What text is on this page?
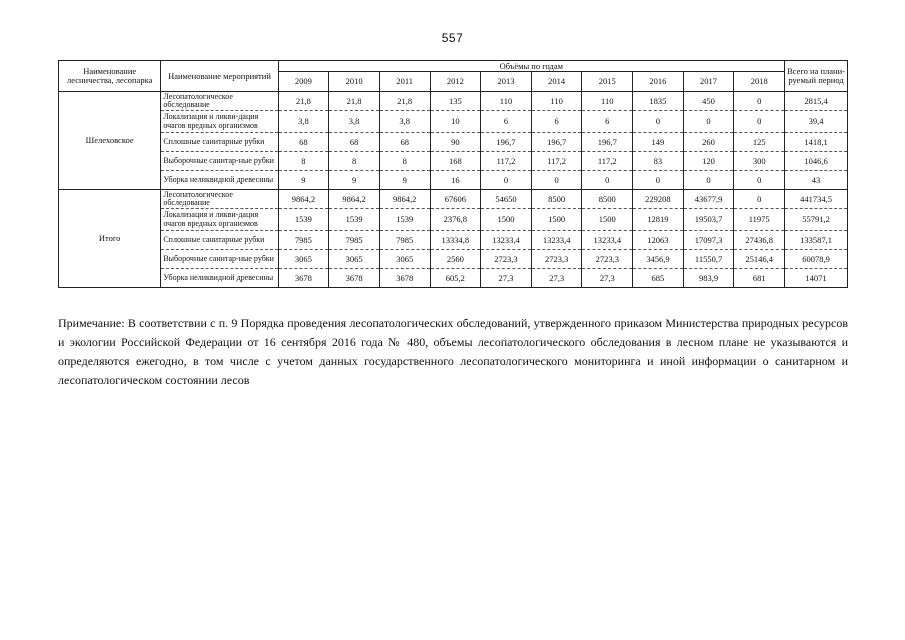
557
Наименование лесничества, лесопарка	Наименование мероприятий	Объёмы по годам										Всего на плани-руемый период
		2009	2010	2011	2012	2013	2014	2015	2016	2017	2018	
Шелеховское	Лесопатологическое обследование	21,8	21,8	21,8	135	110	110	110	1835	450	0	2815,4
	Локализация и ликви-дация очагов вредных организмов	3,8	3,8	3,8	10	6	6	6	0	0	0	39,4
	Сплошные санитарные рубки	68	68	68	90	196,7	196,7	196,7	149	260	125	1418,1
	Выборочные санитар-ные рубки	8	8	8	168	117,2	117,2	117,2	83	120	300	1046,6
	Уборка неликвидной древесины	9	9	9	16	0	0	0	0	0	0	43
Итого	Лесопатологическое обследование	9864,2	9864,2	9864,2	67606	54650	8500	8500	229208	43677,9	0	441734,5
	Локализация и ликви-дация очагов вредных организмов	1539	1539	1539	2376,8	1500	1500	1500	12819	19503,7	11975	55791,2
	Сплошные санитарные рубки	7985	7985	7985	13334,8	13233,4	13233,4	13233,4	12063	17097,3	27436,8	133587,1
	Выборочные санитар-ные рубки	3065	3065	3065	2560	2723,3	2723,3	2723,3	3456,9	11550,7	25146,4	60078,9
	Уборка неликвидной древесины	3678	3678	3678	605,2	27,3	27,3	27,3	685	983,9	681	14071
Примечание: В соответствии с п. 9 Порядка проведения лесопатологических обследований, утвержденного приказом Министерства природных ресурсов и экологии Российской Федерации от 16 сентября 2016 года № 480, объемы лесопатологического обследования в лесном плане не указываются и определяются ежегодно, в том числе с учетом данных государственного лесопатологического мониторинга и иной информации о санитарном и лесопатологическом состоянии лесов
